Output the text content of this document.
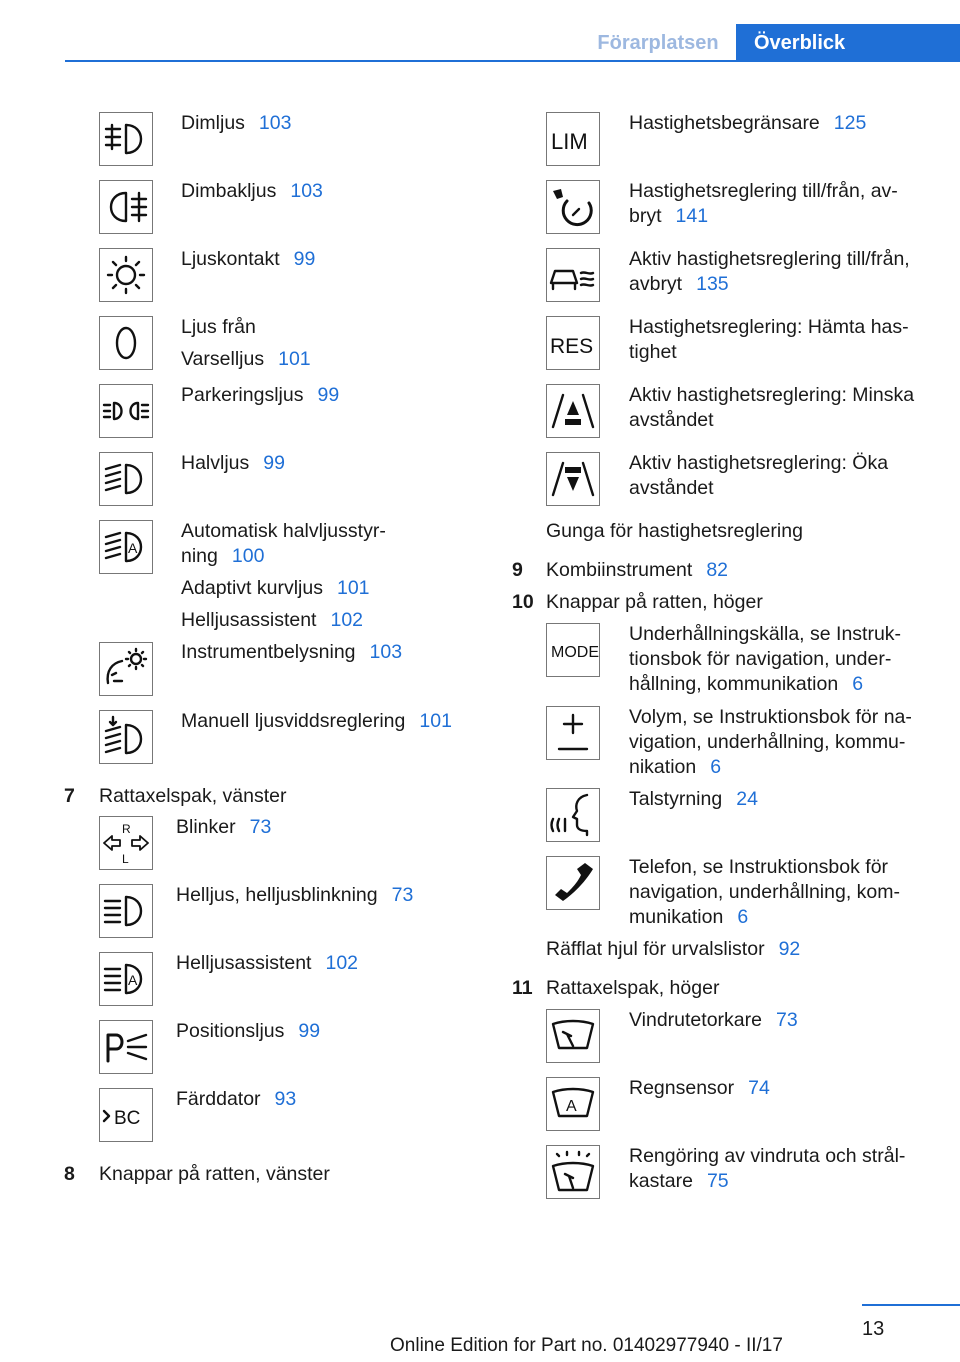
Förarplatsen	Överblick
A
Dimljus 103
Dimbakljus 103
Ljuskontakt 99
Ljus från
Varselljus 101
Parkeringsljus 99
Halvljus 99
Automatisk halvljusstyr-
ning 100
Adaptivt kurvljus 101
Helljusassistent 102
Instrumentbelysning 103
Manuell ljusviddsreglering 101
7 Rattaxelspak, vänster
R
L
A
BC
Blinker 73
Helljus, helljusblinkning 73
Helljusassistent 102
Positionsljus 99
Färddator 93
8 Knappar på ratten, vänster
LIM
RES
Hastighetsbegränsare 125
Hastighetsreglering till/från, av-
bryt 141
Aktiv hastighetsreglering till/från,
avbryt 135
Hastighetsreglering: Hämta has-
tighet
Aktiv hastighetsreglering: Minska
avståndet
Aktiv hastighetsreglering: Öka
avståndet
Gunga för hastighetsreglering
9 Kombiinstrument 82
10 Knappar på ratten, höger
MODE
Underhållningskälla, se Instruk-
tionsbok för navigation, under-
hållning, kommunikation 6
Volym, se Instruktionsbok för na-
vigation, underhållning, kommu-
nikation 6
Talstyrning 24
Telefon, se Instruktionsbok för
navigation, underhållning, kom-
munikation 6
Räfflat hjul för urvalslistor 92
11 Rattaxelspak, höger
A
Vindrutetorkare 73
Regnsensor 74
Rengöring av vindruta och strål-
kastare 75
13
Online Edition for Part no. 01402977940 - II/17
